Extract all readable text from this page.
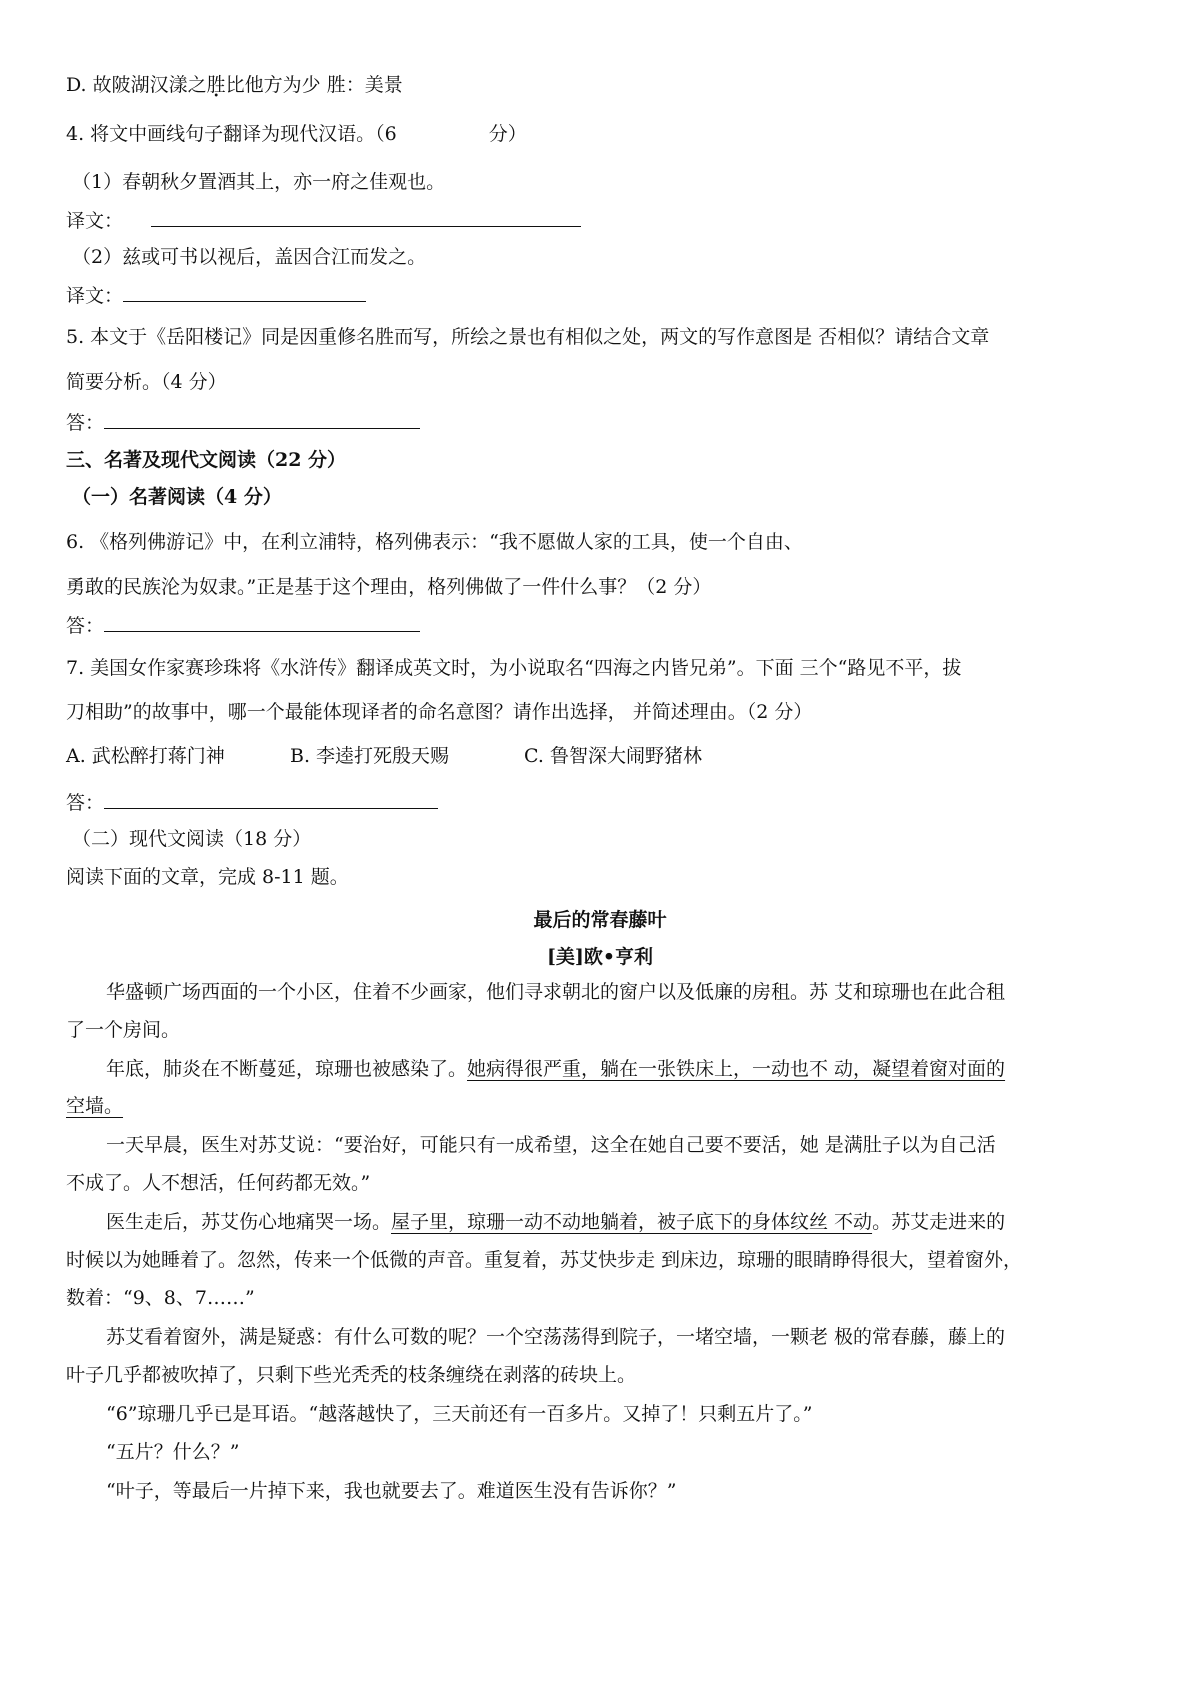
D. 故陂湖汉漾之胜比他方为少 胜：美景
4. 将文中画线句子翻译为现代汉语。（6	分）
（1）春朝秋夕置酒其上，亦一府之佳观也。
译文：
（2）兹或可书以视后，盖因合江而发之。
译文：
5. 本文于《岳阳楼记》同是因重修名胜而写，所绘之景也有相似之处，两文的写作意图是 否相似？请结合文章
简要分析。（4 分）
答：
三、名著及现代文阅读（22 分）
（一）名著阅读（4 分）
6. 《格列佛游记》中，在利立浦特，格列佛表示：“我不愿做人家的工具，使一个自由、
勇敢的民族沦为奴隶。”正是基于这个理由，格列佛做了一件什么事？（2 分）
答：
7. 美国女作家赛珍珠将《水浒传》翻译成英文时，为小说取名“四海之内皆兄弟”。下面 三个“路见不平，拔
刀相助”的故事中，哪一个最能体现译者的命名意图？请作出选择， 并简述理由。（2 分）
A. 武松醉打蒋门神	B. 李逵打死殷天赐	C. 鲁智深大闹野猪林
答：
（二）现代文阅读（18 分）
阅读下面的文章，完成 8-11 题。
最后的常春藤叶
[美]欧•亨利
华盛顿广场西面的一个小区，住着不少画家，他们寻求朝北的窗户以及低廉的房租。苏 艾和琼珊也在此合租
了一个房间。
年底，肺炎在不断蔓延，琼珊也被感染了。她病得很严重，躺在一张铁床上，一动也不 动，凝望着窗对面的
空墙。
一天早晨，医生对苏艾说：“要治好，可能只有一成希望，这全在她自己要不要活，她 是满肚子以为自己活
不成了。人不想活，任何药都无效。”
医生走后，苏艾伤心地痛哭一场。屋子里，琼珊一动不动地躺着，被子底下的身体纹丝 不动。苏艾走进来的
时候以为她睡着了。忽然，传来一个低微的声音。重复着，苏艾快步走 到床边，琼珊的眼睛睁得很大，望着窗外，
数着：“9、8、7……”
苏艾看着窗外，满是疑惑：有什么可数的呢？一个空荡荡得到院子，一堵空墙，一颗老 极的常春藤，藤上的
叶子几乎都被吹掉了，只剩下些光秃秃的枝条缠绕在剥落的砖块上。
“6”琼珊几乎已是耳语。“越落越快了，三天前还有一百多片。又掉了！只剩五片了。”
“五片？什么？”
“叶子，等最后一片掉下来，我也就要去了。难道医生没有告诉你？”
